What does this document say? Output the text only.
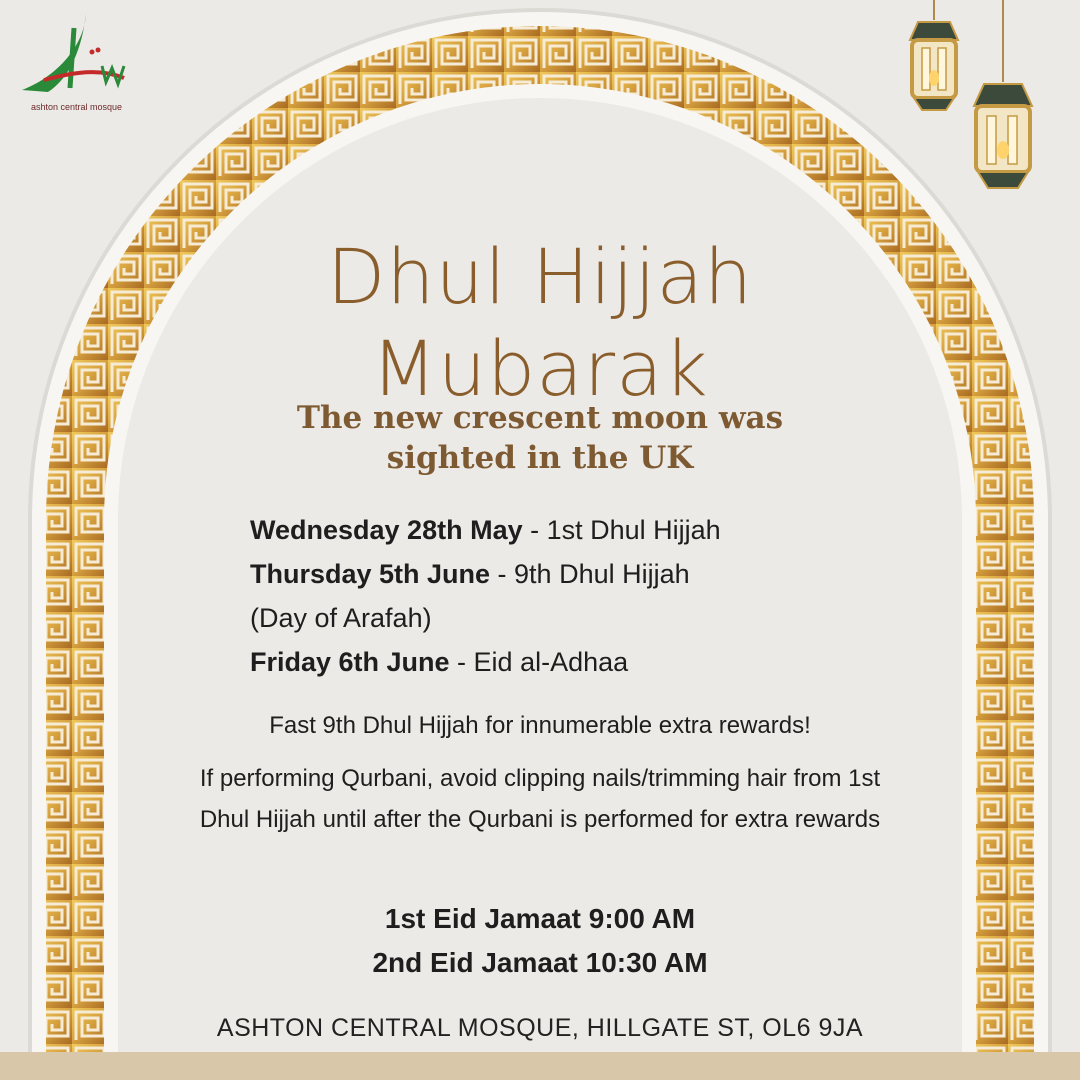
ashton central mosque
Dhul Hijjah
Mubarak
The new crescent moon was
sighted in the UK
Wednesday 28th May - 1st Dhul Hijjah
Thursday 5th June - 9th Dhul Hijjah
(Day of Arafah)
Friday 6th June - Eid al-Adhaa
Fast 9th Dhul Hijjah for innumerable extra rewards!
If performing Qurbani, avoid clipping nails/trimming hair from 1st Dhul Hijjah until after the Qurbani is performed for extra rewards
1st Eid Jamaat 9:00 AM
2nd Eid Jamaat 10:30 AM
ASHTON CENTRAL MOSQUE, HILLGATE ST, OL6 9JA
